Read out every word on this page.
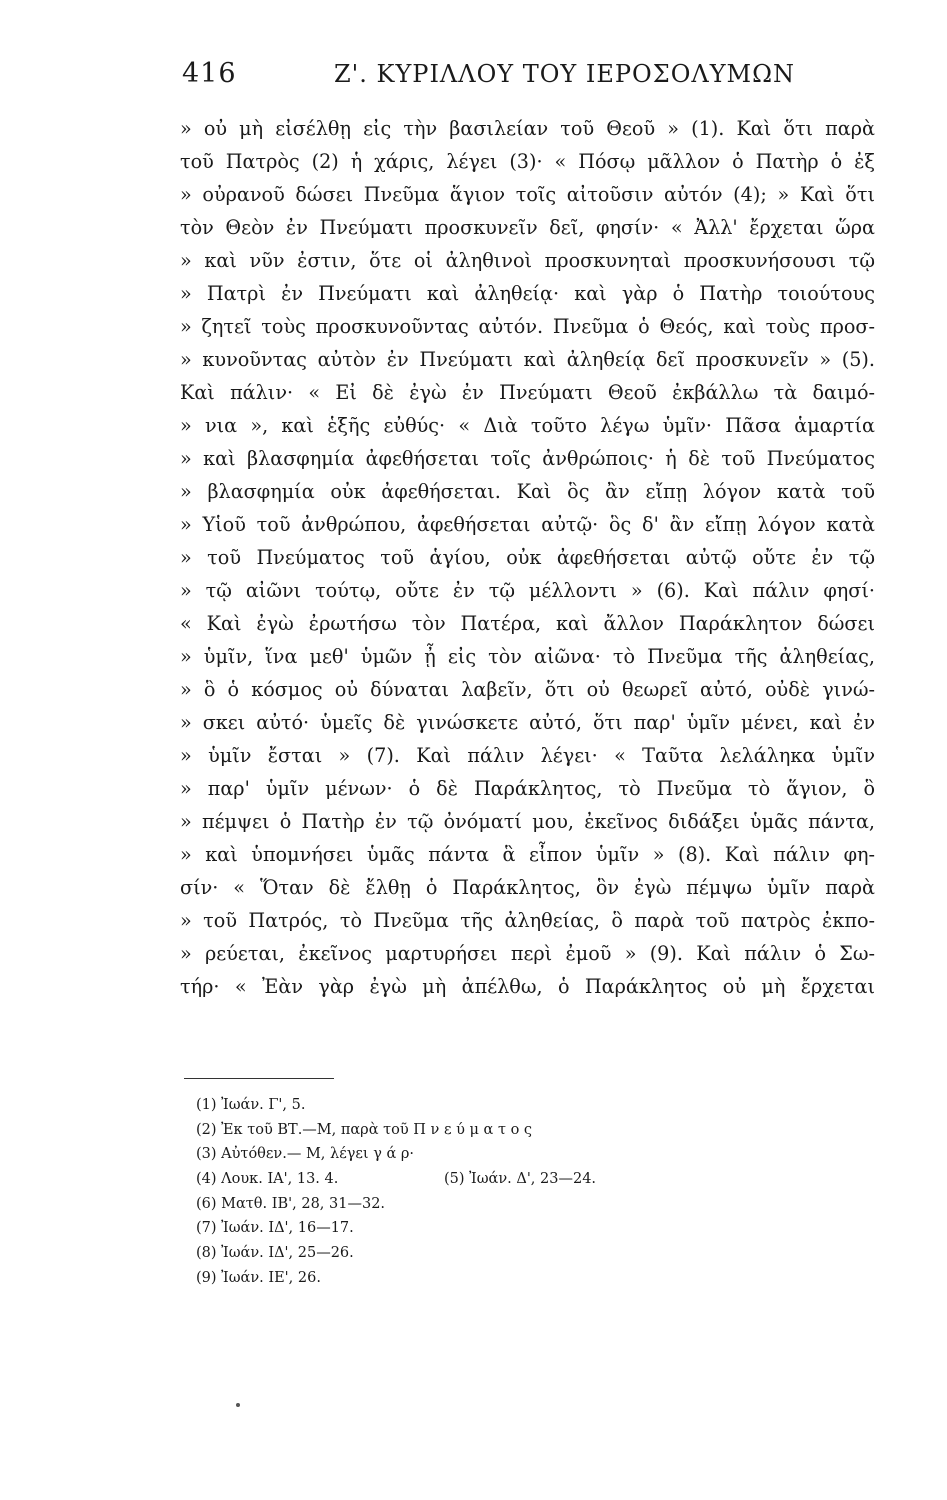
416	Ζ'. ΚΥΡΙΛΛΟΥ ΤΟΥ ΙΕΡΟΣΟΛΥΜΩΝ
» οὐ μὴ εἰσέλθῃ εἰς τὴν βασιλείαν τοῦ Θεοῦ » (1). Καὶ ὅτι παρὰ
τοῦ Πατρὸς (2) ἡ χάρις, λέγει (3)· « Πόσῳ μᾶλλον ὁ Πατὴρ ὁ ἐξ
» οὐρανοῦ δώσει Πνεῦμα ἅγιον τοῖς αἰτοῦσιν αὐτόν (4); » Καὶ ὅτι
τὸν Θεὸν ἐν Πνεύματι προσκυνεῖν δεῖ, φησίν· « Ἀλλ' ἔρχεται ὥρα
» καὶ νῦν ἐστιν, ὅτε οἱ ἀληθινοὶ προσκυνηταὶ προσκυνήσουσι τῷ
» Πατρὶ ἐν Πνεύματι καὶ ἀληθείᾳ· καὶ γὰρ ὁ Πατὴρ τοιούτους
» ζητεῖ τοὺς προσκυνοῦντας αὐτόν. Πνεῦμα ὁ Θεός, καὶ τοὺς προσ-
» κυνοῦντας αὐτὸν ἐν Πνεύματι καὶ ἀληθείᾳ δεῖ προσκυνεῖν » (5).
Καὶ πάλιν· « Εἰ δὲ ἐγὼ ἐν Πνεύματι Θεοῦ ἐκβάλλω τὰ δαιμό-
» νια », καὶ ἑξῆς εὐθύς· « Διὰ τοῦτο λέγω ὑμῖν· Πᾶσα ἁμαρτία
» καὶ βλασφημία ἀφεθήσεται τοῖς ἀνθρώποις· ἡ δὲ τοῦ Πνεύματος
» βλασφημία οὐκ ἀφεθήσεται. Καὶ ὃς ἂν εἴπῃ λόγον κατὰ τοῦ
» Υἱοῦ τοῦ ἀνθρώπου, ἀφεθήσεται αὐτῷ· ὃς δ' ἂν εἴπῃ λόγον κατὰ
» τοῦ Πνεύματος τοῦ ἁγίου, οὐκ ἀφεθήσεται αὐτῷ οὔτε ἐν τῷ
» τῷ αἰῶνι τούτῳ, οὔτε ἐν τῷ μέλλοντι » (6). Καὶ πάλιν φησί·
« Καὶ ἐγὼ ἐρωτήσω τὸν Πατέρα, καὶ ἄλλον Παράκλητον δώσει
» ὑμῖν, ἵνα μεθ' ὑμῶν ᾖ εἰς τὸν αἰῶνα· τὸ Πνεῦμα τῆς ἀληθείας,
» ὃ ὁ κόσμος οὐ δύναται λαβεῖν, ὅτι οὐ θεωρεῖ αὐτό, οὐδὲ γινώ-
» σκει αὐτό· ὑμεῖς δὲ γινώσκετε αὐτό, ὅτι παρ' ὑμῖν μένει, καὶ ἐν
» ὑμῖν ἔσται » (7). Καὶ πάλιν λέγει· « Ταῦτα λελάληκα ὑμῖν
» παρ' ὑμῖν μένων· ὁ δὲ Παράκλητος, τὸ Πνεῦμα τὸ ἅγιον, ὃ
» πέμψει ὁ Πατὴρ ἐν τῷ ὀνόματί μου, ἐκεῖνος διδάξει ὑμᾶς πάντα,
» καὶ ὑπομνήσει ὑμᾶς πάντα ἃ εἶπον ὑμῖν » (8). Καὶ πάλιν φη-
σίν· « Ὅταν δὲ ἔλθῃ ὁ Παράκλητος, ὃν ἐγὼ πέμψω ὑμῖν παρὰ
» τοῦ Πατρός, τὸ Πνεῦμα τῆς ἀληθείας, ὃ παρὰ τοῦ πατρὸς ἐκπο-
» ρεύεται, ἐκεῖνος μαρτυρήσει περὶ ἐμοῦ » (9). Καὶ πάλιν ὁ Σω-
τήρ· « Ἐὰν γὰρ ἐγὼ μὴ ἀπέλθω, ὁ Παράκλητος οὐ μὴ ἔρχεται
(1) Ἰωάν. Γ', 5.
(2) Ἐκ τοῦ ΒΤ.—Μ, παρὰ τοῦ Π ν ε ύ μ α τ ο ς
(3) Αὐτόθεν.— Μ, λέγει γ ά ρ·
(4) Λουκ. ΙΑ', 13. 4.	(5) Ἰωάν. Δ', 23—24.
(6) Ματθ. ΙΒ', 28, 31—32.
(7) Ἰωάν. ΙΔ', 16—17.
(8) Ἰωάν. ΙΔ', 25—26.
(9) Ἰωάν. ΙΕ', 26.
